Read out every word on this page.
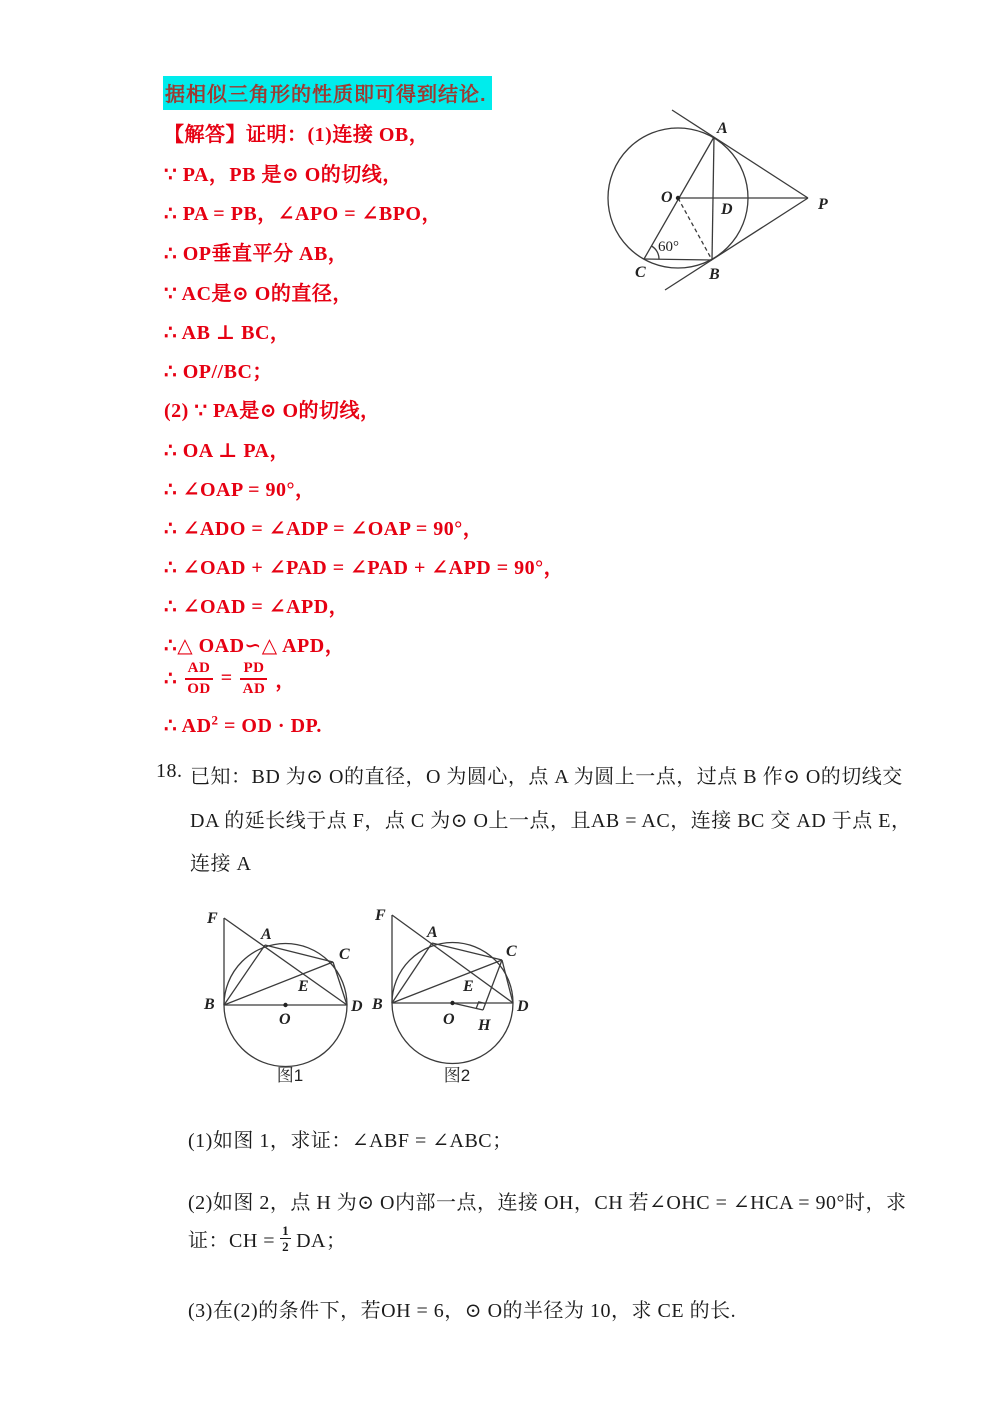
据相似三角形的性质即可得到结论.
【解答】证明：(1)连接 OB，
∵ PA，PB 是⊙ O的切线，
∴ PA = PB，∠APO = ∠BPO，
∴ OP垂直平分 AB，
∵ AC是⊙ O的直径，
∴ AB ⊥ BC，
∴ OP//BC；
(2) ∵ PA是⊙ O的切线，
∴ OA ⊥ PA，
∴ ∠OAP = 90°，
∴ ∠ADO = ∠ADP = ∠OAP = 90°，
∴ ∠OAD + ∠PAD = ∠PAD + ∠APD = 90°，
∴ ∠OAD = ∠APD，
∴△ OAD∽△ APD，
∴ $\frac{AD}{OD} = \frac{PD}{AD}$ ，
∴ $AD^2$ = OD · DP.
A
O
D	P
C	B
60°
18. 已知：BD 为⊙ O的直径，O 为圆心，点 A 为圆上一点，过点 B 作⊙ O的切线交
DA 的延长线于点 F，点 C 为⊙ O上一点，且AB = AC，连接 BC 交 AD 于点 E，
连接 A
F
A
C
E
B
O
D
图1
F
A
C
E
B
O
D
H
图2
(1)如图 1，求证：∠ABF = ∠ABC；
(2)如图 2，点 H 为⊙ O内部一点，连接 OH，CH 若∠OHC = ∠HCA = 90°时，求
证：CH = $\frac{1}{2}$ DA；
(3)在(2)的条件下，若OH = 6，⊙ O的半径为 10，求 CE 的长.
